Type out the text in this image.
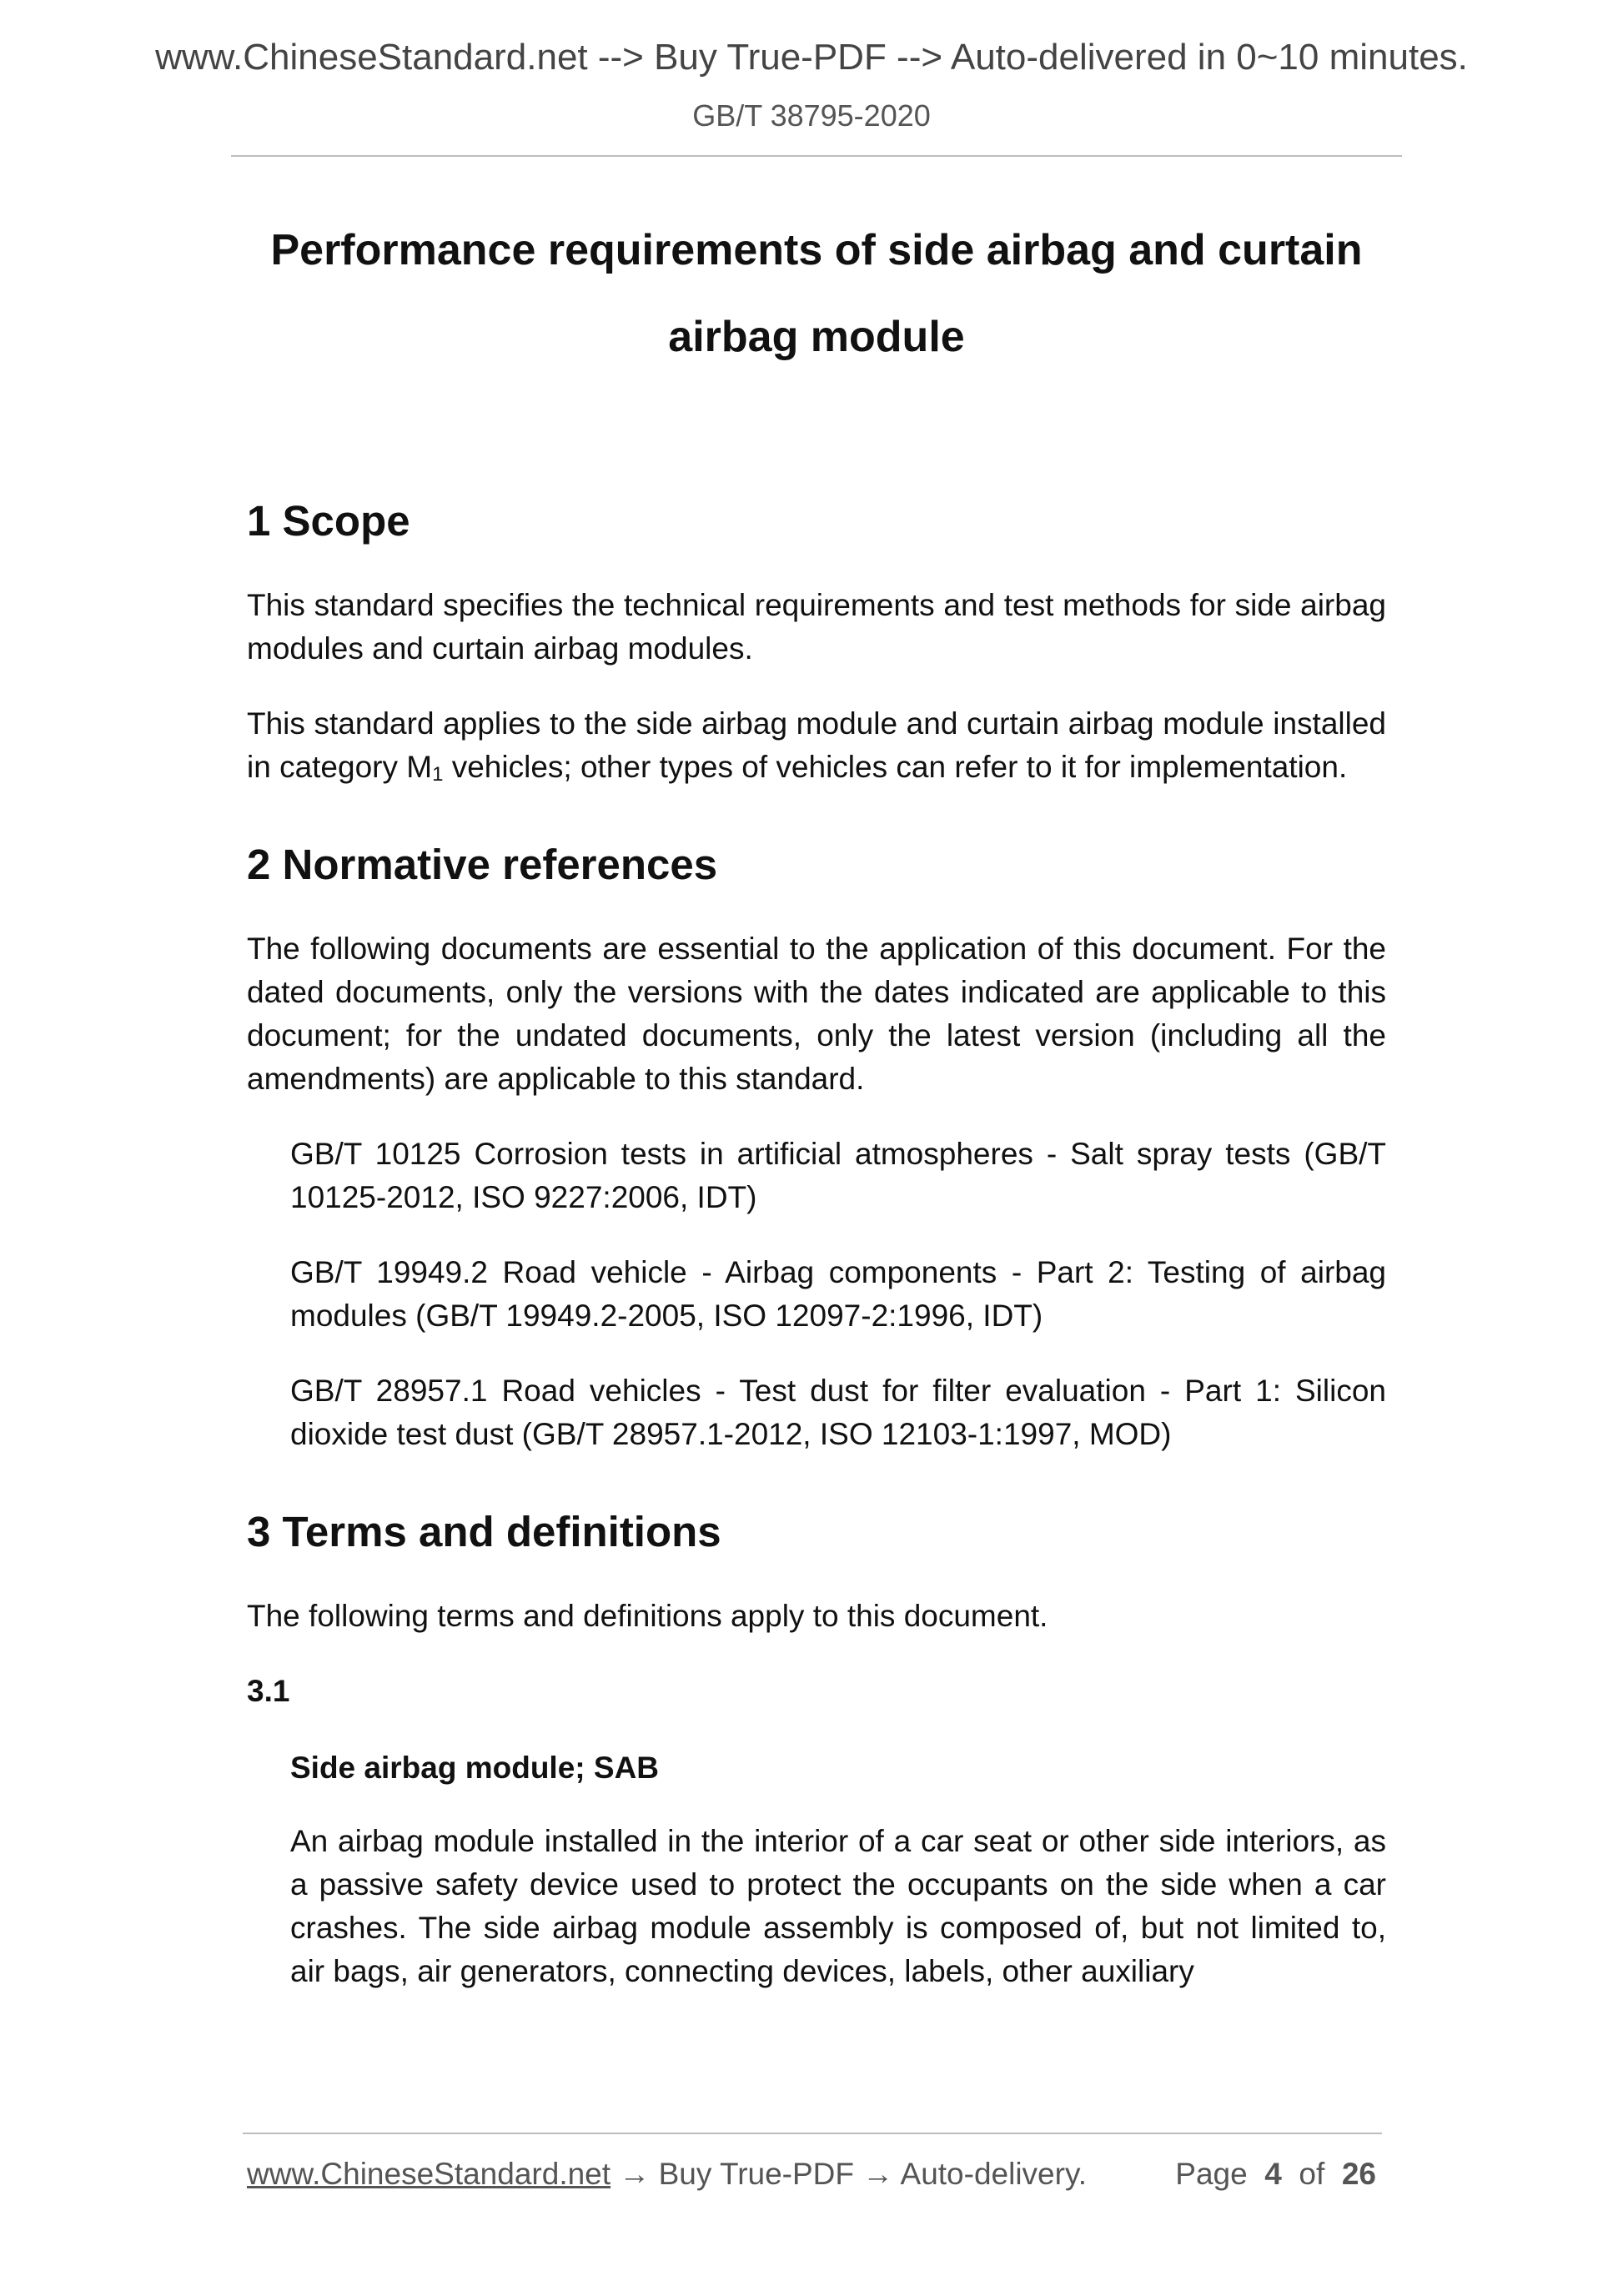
www.ChineseStandard.net --> Buy True-PDF --> Auto-delivered in 0~10 minutes.
GB/T 38795-2020
Performance requirements of side airbag and curtain airbag module
1 Scope

This standard specifies the technical requirements and test methods for side airbag modules and curtain airbag modules.

This standard applies to the side airbag module and curtain airbag module installed in category $M_1$ vehicles; other types of vehicles can refer to it for implementation.

2 Normative references

The following documents are essential to the application of this document. For the dated documents, only the versions with the dates indicated are applicable to this document; for the undated documents, only the latest version (including all the amendments) are applicable to this standard.

GB/T 10125 Corrosion tests in artificial atmospheres - Salt spray tests (GB/T 10125-2012, ISO 9227:2006, IDT)

GB/T 19949.2 Road vehicle - Airbag components - Part 2: Testing of airbag modules (GB/T 19949.2-2005, ISO 12097-2:1996, IDT)

GB/T 28957.1 Road vehicles - Test dust for filter evaluation - Part 1: Silicon dioxide test dust (GB/T 28957.1-2012, ISO 12103-1:1997, MOD)

3 Terms and definitions

The following terms and definitions apply to this document.

3.1

Side airbag module; SAB

An airbag module installed in the interior of a car seat or other side interiors, as a passive safety device used to protect the occupants on the side when a car crashes. The side airbag module assembly is composed of, but not limited to, air bags, air generators, connecting devices, labels, other auxiliary

www.ChineseStandard.net → Buy True-PDF → Auto-delivery.	Page 4 of 26
